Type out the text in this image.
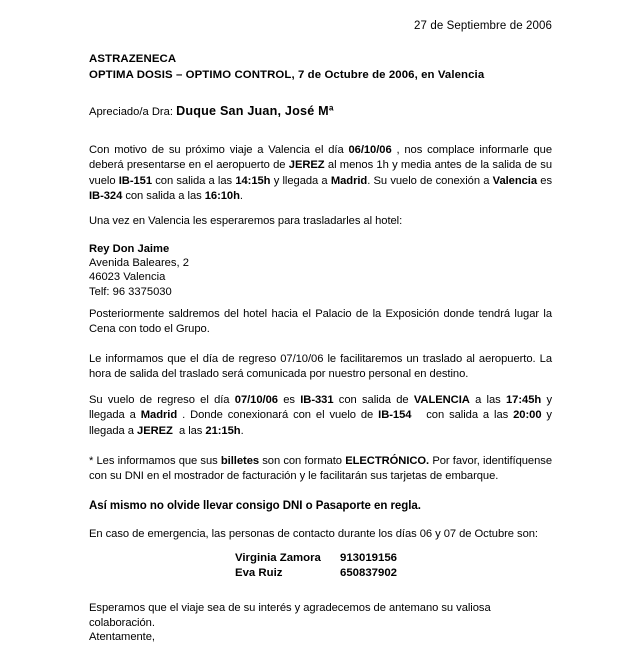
27 de Septiembre de 2006
ASTRAZENECA
OPTIMA DOSIS – OPTIMO CONTROL, 7 de Octubre de 2006, en Valencia
Apreciado/a Dra: Duque San Juan, José Mª

Con motivo de su próximo viaje a Valencia el día 06/10/06 , nos complace informarle que deberá presentarse en el aeropuerto de JEREZ al menos 1h y media antes de la salida de su vuelo IB-151 con salida a las 14:15h y llegada a Madrid. Su vuelo de conexión a Valencia es IB-324 con salida a las 16:10h.

Una vez en Valencia les esperaremos para trasladarles al hotel:

Rey Don Jaime
Avenida Baleares, 2
46023 Valencia
Telf: 96 3375030

Posteriormente saldremos del hotel hacia el Palacio de la Exposición donde tendrá lugar la Cena con todo el Grupo.

Le informamos que el día de regreso 07/10/06 le facilitaremos un traslado al aeropuerto. La hora de salida del traslado será comunicada por nuestro personal en destino.

Su vuelo de regreso el día 07/10/06 es IB-331 con salida de VALENCIA a las 17:45h y llegada a Madrid . Donde conexionará con el vuelo de IB-154   con salida a las 20:00 y llegada a JEREZ  a las 21:15h.

* Les informamos que sus billetes son con formato ELECTRÓNICO. Por favor, identifíquense con su DNI en el mostrador de facturación y le facilitarán sus tarjetas de embarque.

Así mismo no olvide llevar consigo DNI o Pasaporte en regla.

En caso de emergencia, las personas de contacto durante los días 06 y 07 de Octubre son:

Virginia Zamora	913019156
Eva Ruiz	650837902

Esperamos que el viaje sea de su interés y agradecemos de antemano su valiosa colaboración.

Atentamente,
